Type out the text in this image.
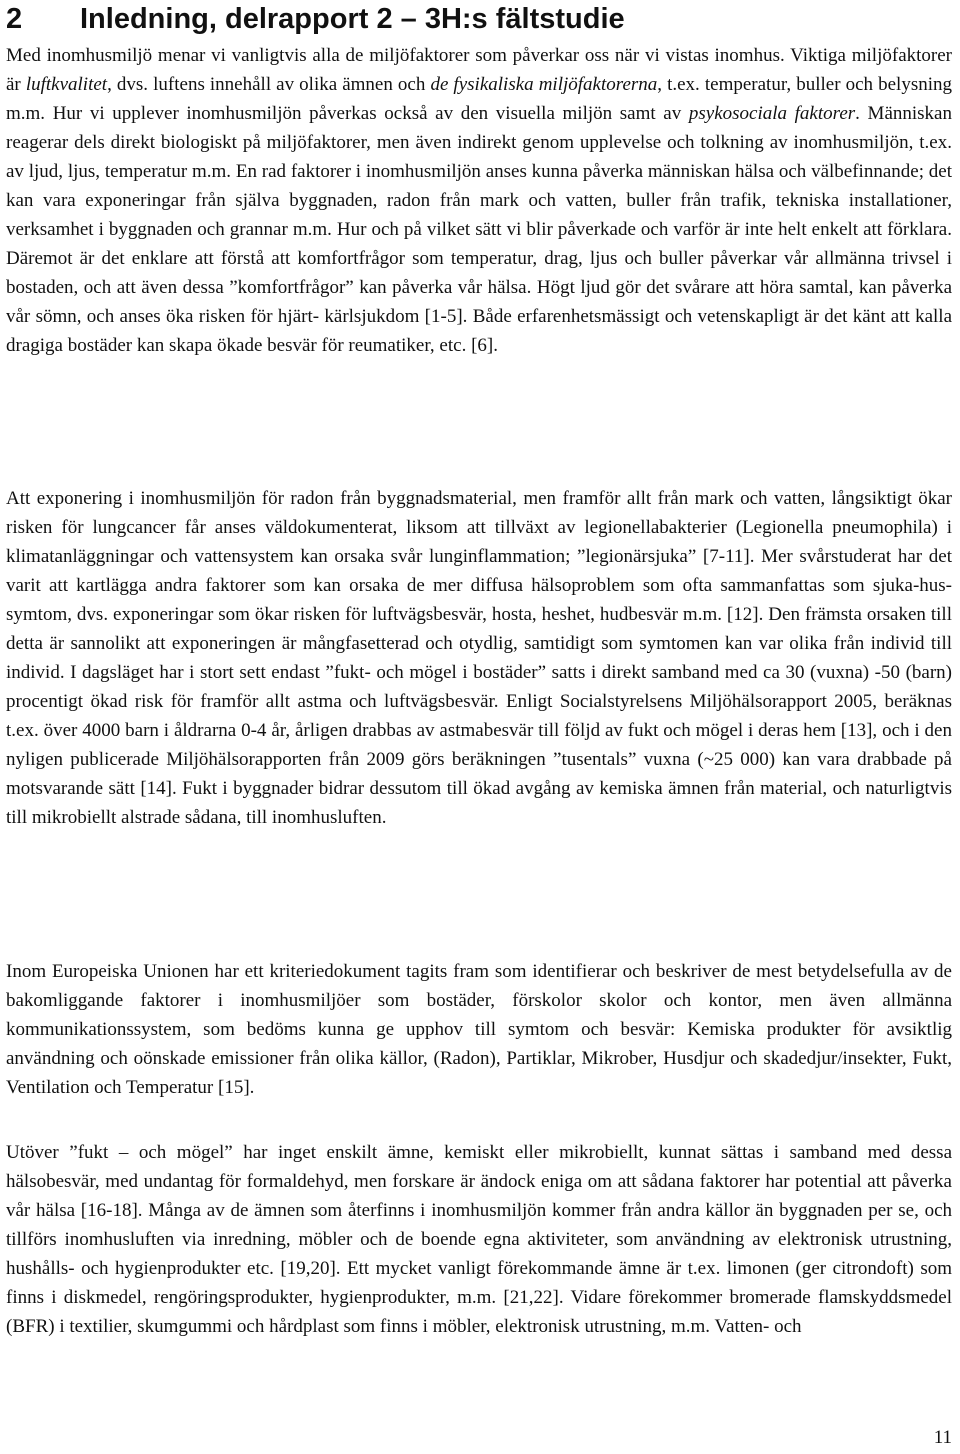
2 Inledning, delrapport 2 – 3H:s fältstudie

Med inomhusmiljö menar vi vanligtvis alla de miljöfaktorer som påverkar oss när vi vistas inomhus. Viktiga miljöfaktorer är luftkvalitet, dvs. luftens innehåll av olika ämnen och de fysikaliska miljöfaktorerna, t.ex. temperatur, buller och belysning m.m. Hur vi upplever inomhusmiljön påverkas också av den visuella miljön samt av psykosociala faktorer. Människan reagerar dels direkt biologiskt på miljöfaktorer, men även indirekt genom upplevelse och tolkning av inomhusmiljön, t.ex. av ljud, ljus, temperatur m.m. En rad faktorer i inomhusmiljön anses kunna påverka människan hälsa och välbefinnande; det kan vara exponeringar från själva byggnaden, radon från mark och vatten, buller från trafik, tekniska installationer, verksamhet i byggnaden och grannar m.m. Hur och på vilket sätt vi blir påverkade och varför är inte helt enkelt att förklara. Däremot är det enklare att förstå att komfortfrågor som temperatur, drag, ljus och buller påverkar vår allmänna trivsel i bostaden, och att även dessa ”komfortfrågor” kan påverka vår hälsa. Högt ljud gör det svårare att höra samtal, kan påverka vår sömn, och anses öka risken för hjärt- kärlsjukdom [1-5]. Både erfarenhetsmässigt och vetenskapligt är det känt att kalla dragiga bostäder kan skapa ökade besvär för reumatiker, etc. [6].

Att exponering i inomhusmiljön för radon från byggnadsmaterial, men framför allt från mark och vatten, långsiktigt ökar risken för lungcancer får anses väldokumenterat, liksom att tillväxt av legionellabakterier (Legionella pneumophila) i klimatanläggningar och vattensystem kan orsaka svår lunginflammation; ”legionärsjuka” [7-11]. Mer svårstuderat har det varit att kartlägga andra faktorer som kan orsaka de mer diffusa hälsoproblem som ofta sammanfattas som sjuka-hus-symtom, dvs. exponeringar som ökar risken för luftvägsbesvär, hosta, heshet, hudbesvär m.m. [12]. Den främsta orsaken till detta är sannolikt att exponeringen är mångfasetterad och otydlig, samtidigt som symtomen kan var olika från individ till individ. I dagsläget har i stort sett endast ”fukt- och mögel i bostäder” satts i direkt samband med ca 30 (vuxna) -50 (barn) procentigt ökad risk för framför allt astma och luftvägsbesvär. Enligt Socialstyrelsens Miljöhälsorapport 2005, beräknas t.ex. över 4000 barn i åldrarna 0-4 år, årligen drabbas av astmabesvär till följd av fukt och mögel i deras hem [13], och i den nyligen publicerade Miljöhälsorapporten från 2009 görs beräkningen ”tusentals” vuxna (~25 000) kan vara drabbade på motsvarande sätt [14]. Fukt i byggnader bidrar dessutom till ökad avgång av kemiska ämnen från material, och naturligtvis till mikrobiellt alstrade sådana, till inomhusluften.

Inom Europeiska Unionen har ett kriteriedokument tagits fram som identifierar och beskriver de mest betydelsefulla av de bakomliggande faktorer i inomhusmiljöer som bostäder, förskolor skolor och kontor, men även allmänna kommunikationssystem, som bedöms kunna ge upphov till symtom och besvär: Kemiska produkter för avsiktlig användning och oönskade emissioner från olika källor, (Radon), Partiklar, Mikrober, Husdjur och skadedjur/insekter, Fukt, Ventilation och Temperatur [15].

Utöver ”fukt – och mögel” har inget enskilt ämne, kemiskt eller mikrobiellt, kunnat sättas i samband med dessa hälsobesvär, med undantag för formaldehyd, men forskare är ändock eniga om att sådana faktorer har potential att påverka vår hälsa [16-18]. Många av de ämnen som återfinns i inomhusmiljön kommer från andra källor än byggnaden per se, och tillförs inomhusluften via inredning, möbler och de boende egna aktiviteter, som användning av elektronisk utrustning, hushålls- och hygienprodukter etc. [19,20]. Ett mycket vanligt förekommande ämne är t.ex. limonen (ger citrondoft) som finns i diskmedel, rengöringsprodukter, hygienprodukter, m.m. [21,22]. Vidare förekommer bromerade flamskyddsmedel (BFR) i textilier, skumgummi och hårdplast som finns i möbler, elektronisk utrustning, m.m. Vatten- och

11
